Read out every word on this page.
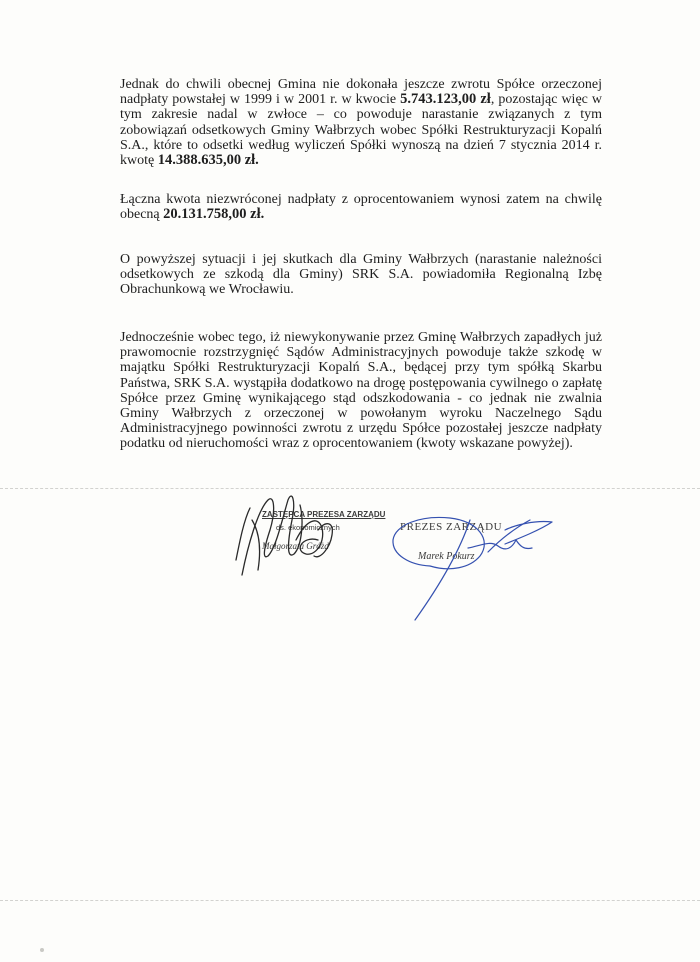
Jednak do chwili obecnej Gmina nie dokonała jeszcze zwrotu Spółce orzeczonej nadpłaty powstałej w 1999 i w 2001 r. w kwocie 5.743.123,00 zł, pozostając więc w tym zakresie nadal w zwłoce – co powoduje narastanie związanych z tym zobowiązań odsetkowych Gminy Wałbrzych wobec Spółki Restrukturyzacji Kopalń S.A., które to odsetki według wyliczeń Spółki wynoszą na dzień 7 stycznia 2014 r. kwotę 14.388.635,00 zł.

Łączna kwota niezwróconej nadpłaty z oprocentowaniem wynosi zatem na chwilę obecną 20.131.758,00 zł.

O powyższej sytuacji i jej skutkach dla Gminy Wałbrzych (narastanie należności odsetkowych ze szkodą dla Gminy) SRK S.A. powiadomiła Regionalną Izbę Obrachunkową we Wrocławiu.

Jednocześnie wobec tego, iż niewykonywanie przez Gminę Wałbrzych zapadłych już prawomocnie rozstrzygnięć Sądów Administracyjnych powoduje także szkodę w majątku Spółki Restrukturyzacji Kopalń S.A., będącej przy tym spółką Skarbu Państwa, SRK S.A. wystąpiła dodatkowo na drogę postępowania cywilnego o zapłatę Spółce przez Gminę wynikającego stąd odszkodowania - co jednak nie zwalnia Gminy Wałbrzych z orzeczonej w powołanym wyroku Naczelnego Sądu Administracyjnego powinności zwrotu z urzędu Spółce pozostałej jeszcze nadpłaty podatku od nieruchomości wraz z oprocentowaniem (kwoty wskazane powyżej).

ZASTĘPCA PREZESA ZARZĄDU
ds. ekonomicznych
Małgorzata Gróżd
PREZES ZARZĄDU
Marek Pokurz
